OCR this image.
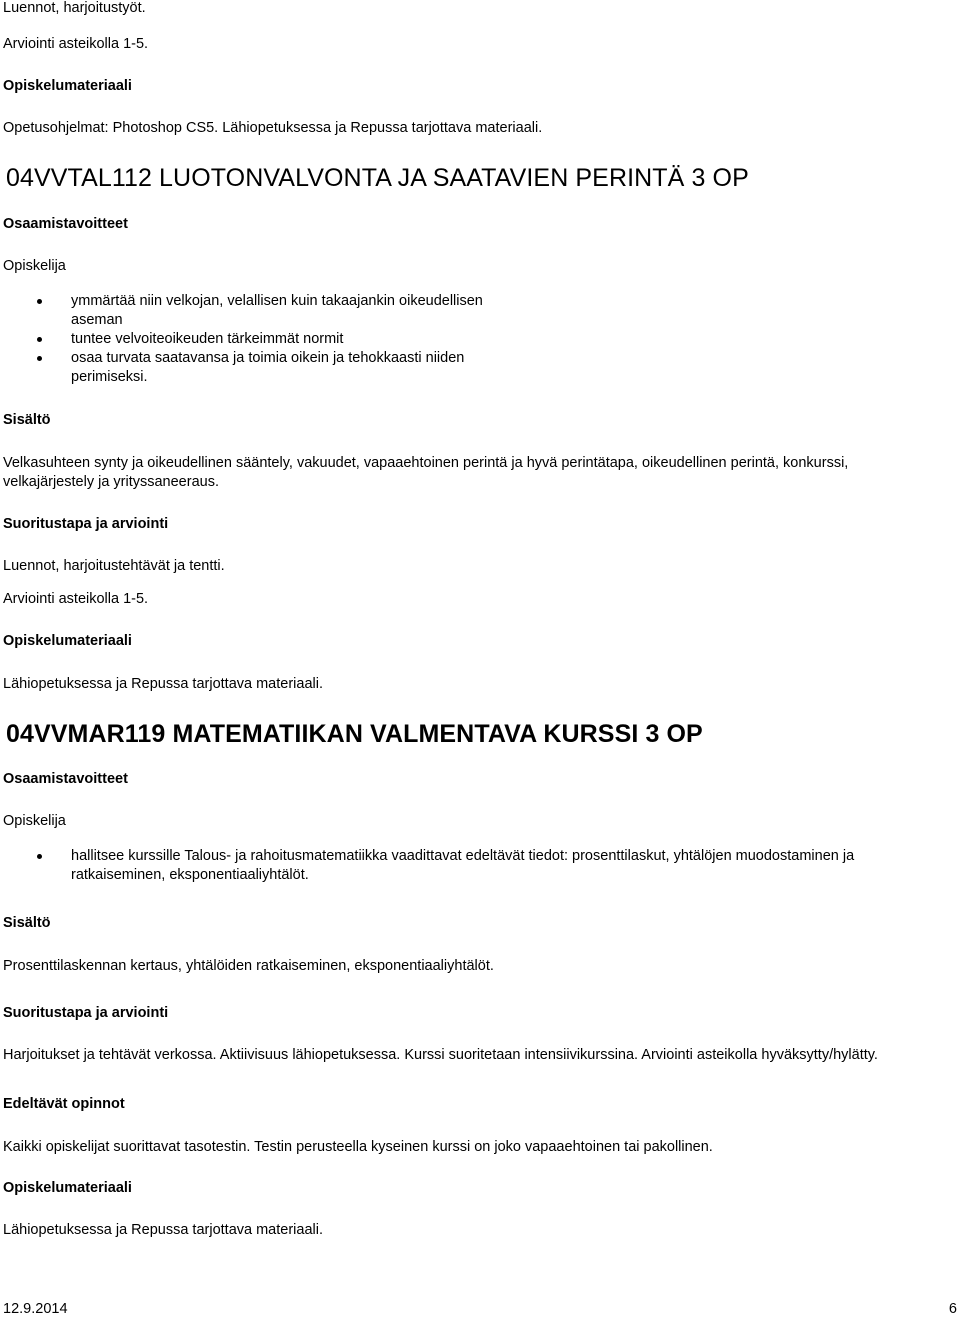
Luennot, harjoitustyöt.
Arviointi asteikolla 1-5.
Opiskelumateriaali
Opetusohjelmat: Photoshop CS5. Lähiopetuksessa ja Repussa tarjottava materiaali.
04VVTAL112 LUOTONVALVONTA JA SAATAVIEN PERINTÄ 3 OP
Osaamistavoitteet
Opiskelija
ymmärtää niin velkojan, velallisen kuin takaajankin oikeudellisen aseman
tuntee velvoiteoikeuden tärkeimmät normit
osaa turvata saatavansa ja toimia oikein ja tehokkaasti niiden perimiseksi.
Sisältö
Velkasuhteen synty ja oikeudellinen sääntely, vakuudet, vapaaehtoinen perintä ja hyvä perintätapa, oikeudellinen perintä, konkurssi, velkajärjestely ja yrityssaneeraus.
Suoritustapa ja arviointi
Luennot, harjoitustehtävät ja tentti.
Arviointi asteikolla 1-5.
Opiskelumateriaali
Lähiopetuksessa ja Repussa tarjottava materiaali.
04VVMAR119 MATEMATIIKAN VALMENTAVA KURSSI 3 OP
Osaamistavoitteet
Opiskelija
hallitsee kurssille Talous- ja rahoitusmatematiikka vaadittavat edeltävät tiedot: prosenttilaskut, yhtälöjen muodostaminen ja ratkaiseminen, eksponentiaaliyhtälöt.
Sisältö
Prosenttilaskennan kertaus, yhtälöiden ratkaiseminen, eksponentiaaliyhtälöt.
Suoritustapa ja arviointi
Harjoitukset ja tehtävät verkossa. Aktiivisuus lähiopetuksessa. Kurssi suoritetaan intensiivikurssina. Arviointi asteikolla hyväksytty/hylätty.
Edeltävät opinnot
Kaikki opiskelijat suorittavat tasotestin. Testin perusteella kyseinen kurssi on joko vapaaehtoinen tai pakollinen.
Opiskelumateriaali
Lähiopetuksessa ja Repussa tarjottava materiaali.
12.9.2014	6
